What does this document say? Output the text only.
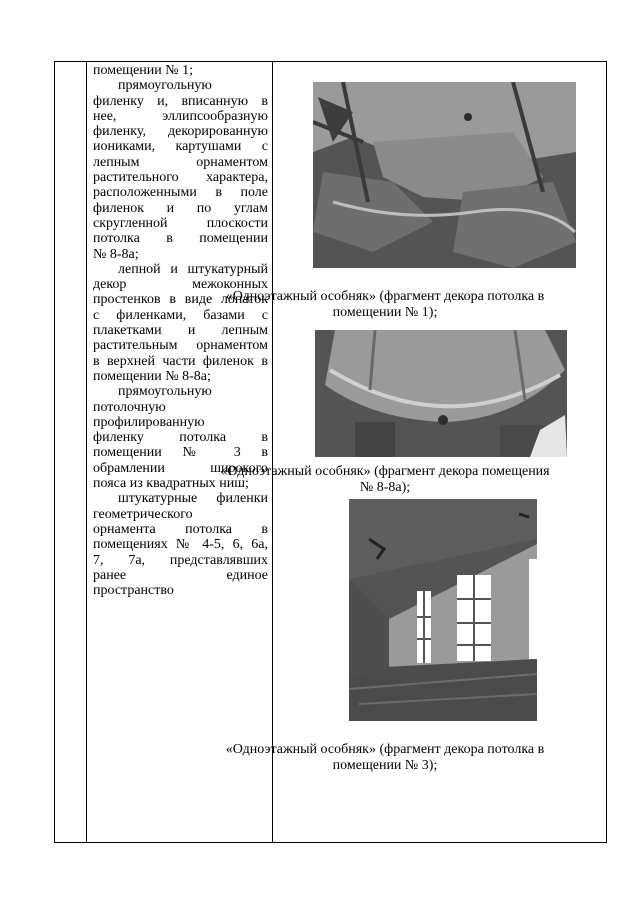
помещении № 1;

прямоугольную

филенку и, вписанную в

нее, эллипсообразную

филенку, декорированную

иониками, картушами с

лепным орнаментом

растительного характера,

расположенными в поле

филенок и по углам

скругленной плоскости

потолка в помещении

№ 8-8а;

лепной и штукатурный

декор межоконных

простенков в виде лопаток

с филенками, базами с

плакетками и лепным

растительным орнаментом

в верхней части филенок в

помещении № 8-8а;

прямоугольную

потолочную

профилированную

филенку потолка в

помещении № 3 в

обрамлении широкого

пояса из квадратных ниш;

штукатурные филенки

геометрического

орнамента потолка в

помещениях № 4-5, 6, 6а,

7, 7а, представлявших

ранее единое

пространство

«Одноэтажный особняк» (фрагмент декора потолка в помещении № 1);
«Одноэтажный особняк» (фрагмент декора помещения № 8-8а);
«Одноэтажный особняк» (фрагмент декора потолка в помещении № 3);
